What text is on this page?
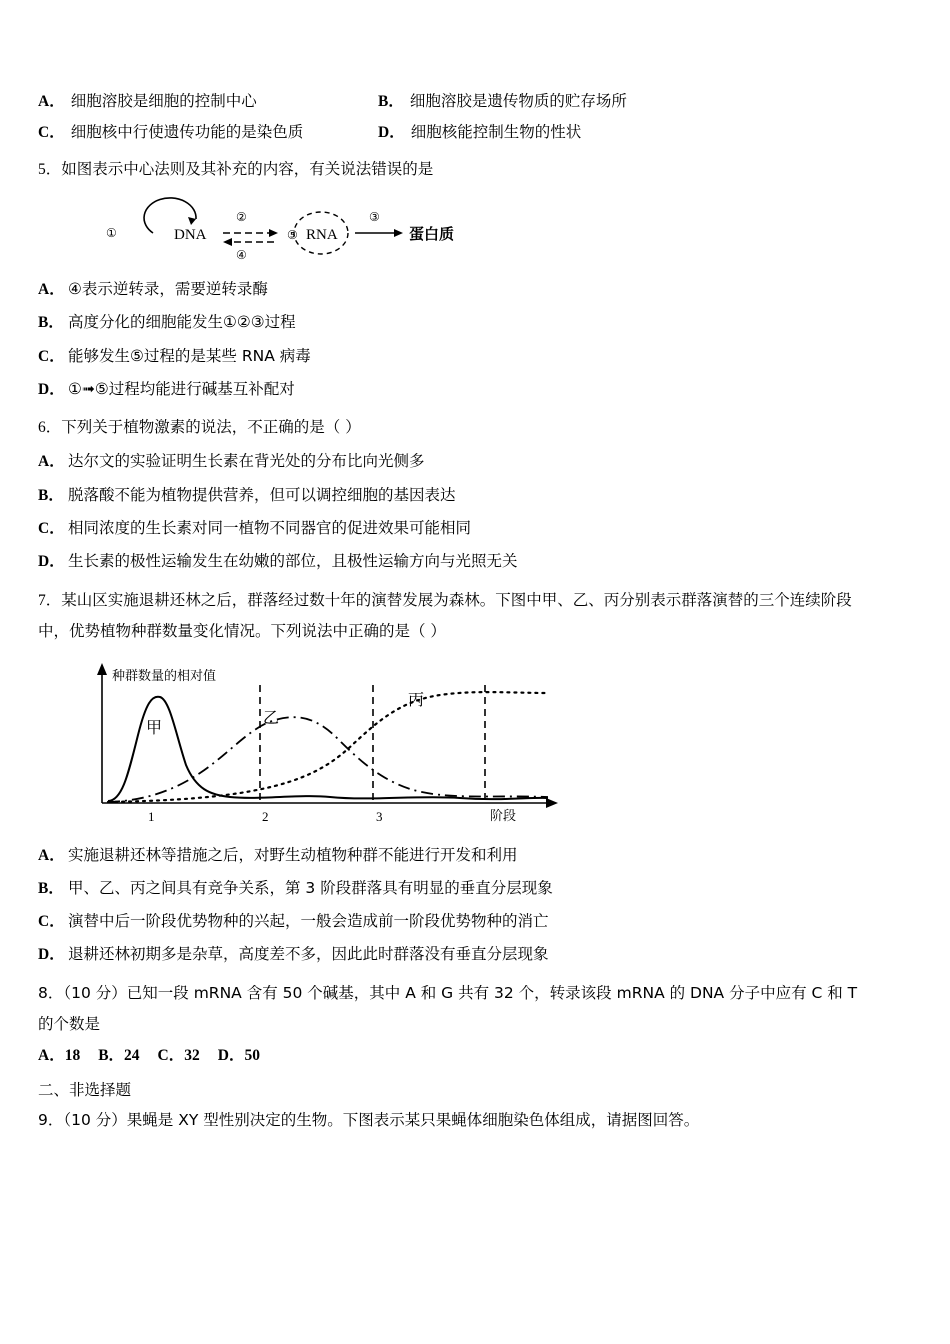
A． 细胞溶胶是细胞的控制中心	B． 细胞溶胶是遗传物质的贮存场所
C． 细胞核中行使遗传功能的是染色质	D． 细胞核能控制生物的性状
5．如图表示中心法则及其补充的内容，有关说法错误的是
①	DNA
②
④
⑤ RNA
③
蛋白质
A． ④表示逆转录，需要逆转录酶
B． 高度分化的细胞能发生①②③过程
C． 能够发生⑤过程的是某些 RNA 病毒
D． ①➟⑤过程均能进行碱基互补配对
6．下列关于植物激素的说法，不正确的是（ ）
A． 达尔文的实验证明生长素在背光处的分布比向光侧多
B． 脱落酸不能为植物提供营养，但可以调控细胞的基因表达
C． 相同浓度的生长素对同一植物不同器官的促进效果可能相同
D． 生长素的极性运输发生在幼嫩的部位，且极性运输方向与光照无关
7．某山区实施退耕还林之后，群落经过数十年的演替发展为森林。下图中甲、乙、丙分别表示群落演替的三个连续阶段
中，优势植物种群数量变化情况。下列说法中正确的是（ ）
种群数量的相对值
阶段
1	2	3
甲
乙
丙
A． 实施退耕还林等措施之后，对野生动植物种群不能进行开发和利用
B． 甲、乙、丙之间具有竞争关系，第 3 阶段群落具有明显的垂直分层现象
C． 演替中后一阶段优势物种的兴起，一般会造成前一阶段优势物种的消亡
D． 退耕还林初期多是杂草，高度差不多，因此此时群落没有垂直分层现象
8．（10 分）已知一段 mRNA 含有 50 个碱基，其中 A 和 G 共有 32 个，转录该段 mRNA 的 DNA 分子中应有 C 和 T
的个数是
A．18 B．24 C．32 D．50
二、非选择题
9．（10 分）果蝇是 XY 型性别决定的生物。下图表示某只果蝇体细胞染色体组成，请据图回答。
